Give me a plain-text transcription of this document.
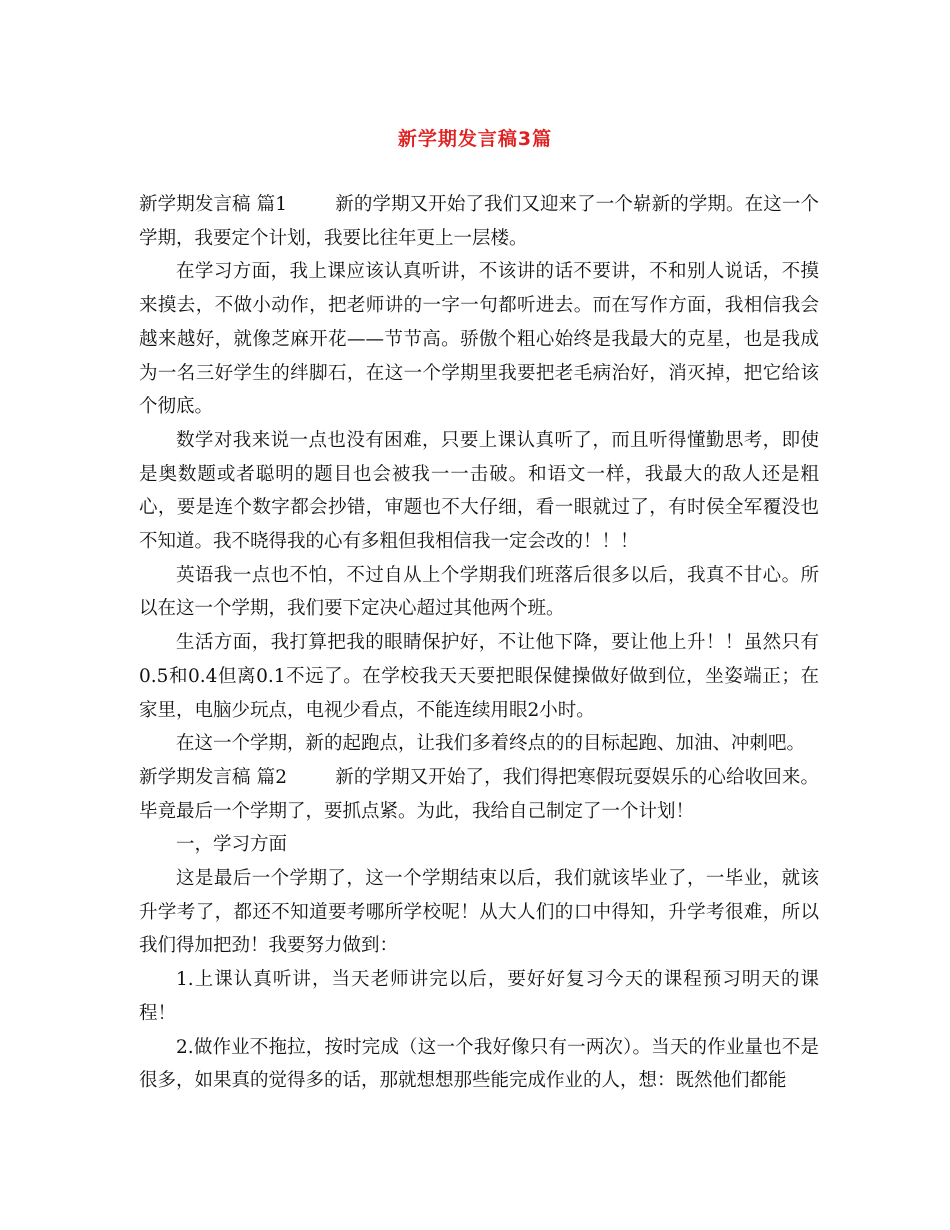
新学期发言稿3篇

新学期发言稿 篇1	新的学期又开始了我们又迎来了一个崭新的学期。在这一个学期，我要定个计划，我要比往年更上一层楼。

在学习方面，我上课应该认真听讲，不该讲的话不要讲，不和别人说话，不摸来摸去，不做小动作，把老师讲的一字一句都听进去。而在写作方面，我相信我会越来越好，就像芝麻开花——节节高。骄傲个粗心始终是我最大的克星，也是我成为一名三好学生的绊脚石，在这一个学期里我要把老毛病治好，消灭掉，把它给该个彻底。

数学对我来说一点也没有困难，只要上课认真听了，而且听得懂勤思考，即使是奥数题或者聪明的题目也会被我一一击破。和语文一样，我最大的敌人还是粗心，要是连个数字都会抄错，审题也不大仔细，看一眼就过了，有时侯全军覆没也不知道。我不晓得我的心有多粗但我相信我一定会改的！！！

英语我一点也不怕，不过自从上个学期我们班落后很多以后，我真不甘心。所以在这一个学期，我们要下定决心超过其他两个班。

生活方面，我打算把我的眼睛保护好，不让他下降，要让他上升！！虽然只有0.5和0.4但离0.1不远了。在学校我天天要把眼保健操做好做到位，坐姿端正；在家里，电脑少玩点，电视少看点，不能连续用眼2小时。

在这一个学期，新的起跑点，让我们多着终点的的目标起跑、加油、冲刺吧。

新学期发言稿 篇2	新的学期又开始了，我们得把寒假玩耍娱乐的心给收回来。毕竟最后一个学期了，要抓点紧。为此，我给自己制定了一个计划！

一，学习方面

这是最后一个学期了，这一个学期结束以后，我们就该毕业了，一毕业，就该升学考了，都还不知道要考哪所学校呢！从大人们的口中得知，升学考很难，所以我们得加把劲！我要努力做到：

1.上课认真听讲，当天老师讲完以后，要好好复习今天的课程预习明天的课程！

2.做作业不拖拉，按时完成（这一个我好像只有一两次）。当天的作业量也不是很多，如果真的觉得多的话，那就想想那些能完成作业的人，想：既然他们都能
